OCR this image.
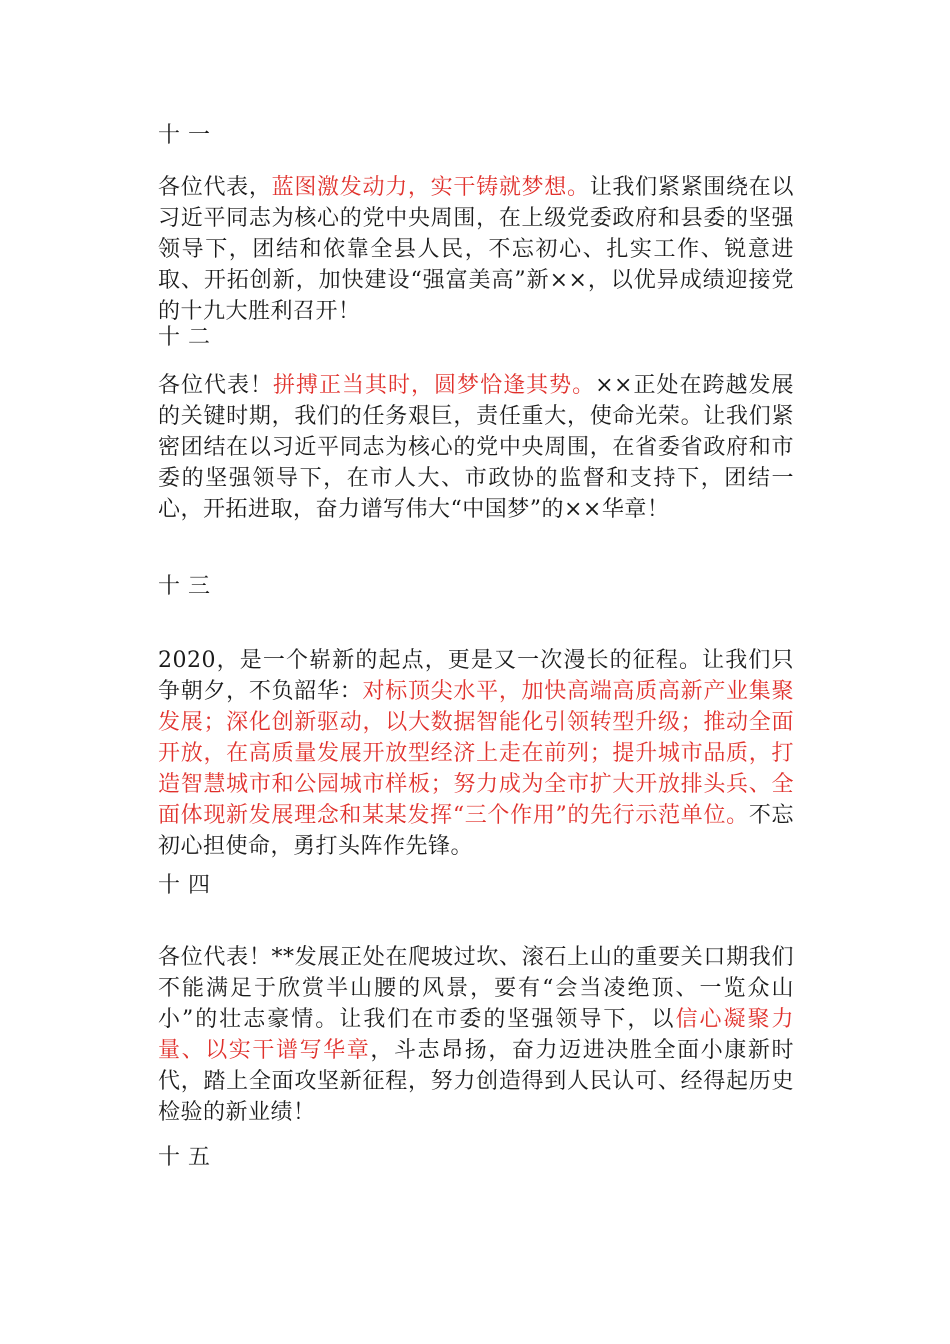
十一

各位代表，蓝图激发动力，实干铸就梦想。让我们紧紧围绕在以习近平同志为核心的党中央周围，在上级党委政府和县委的坚强领导下，团结和依靠全县人民，不忘初心、扎实工作、锐意进取、开拓创新，加快建设“强富美高”新××，以优异成绩迎接党的十九大胜利召开！

十二

各位代表！拼搏正当其时，圆梦恰逢其势。××正处在跨越发展的关键时期，我们的任务艰巨，责任重大，使命光荣。让我们紧密团结在以习近平同志为核心的党中央周围，在省委省政府和市委的坚强领导下，在市人大、市政协的监督和支持下，团结一心，开拓进取，奋力谱写伟大“中国梦”的××华章！

十三

2020，是一个崭新的起点，更是又一次漫长的征程。让我们只争朝夕，不负韶华：对标顶尖水平，加快高端高质高新产业集聚发展；深化创新驱动，以大数据智能化引领转型升级；推动全面开放，在高质量发展开放型经济上走在前列；提升城市品质，打造智慧城市和公园城市样板；努力成为全市扩大开放排头兵、全面体现新发展理念和某某发挥“三个作用”的先行示范单位。不忘初心担使命，勇打头阵作先锋。

十四

各位代表！**发展正处在爬坡过坎、滚石上山的重要关口期我们不能满足于欣赏半山腰的风景，要有“会当凌绝顶、一览众山小”的壮志豪情。让我们在市委的坚强领导下，以信心凝聚力量、以实干谱写华章，斗志昂扬，奋力迈进决胜全面小康新时代，踏上全面攻坚新征程，努力创造得到人民认可、经得起历史检验的新业绩！

十五
